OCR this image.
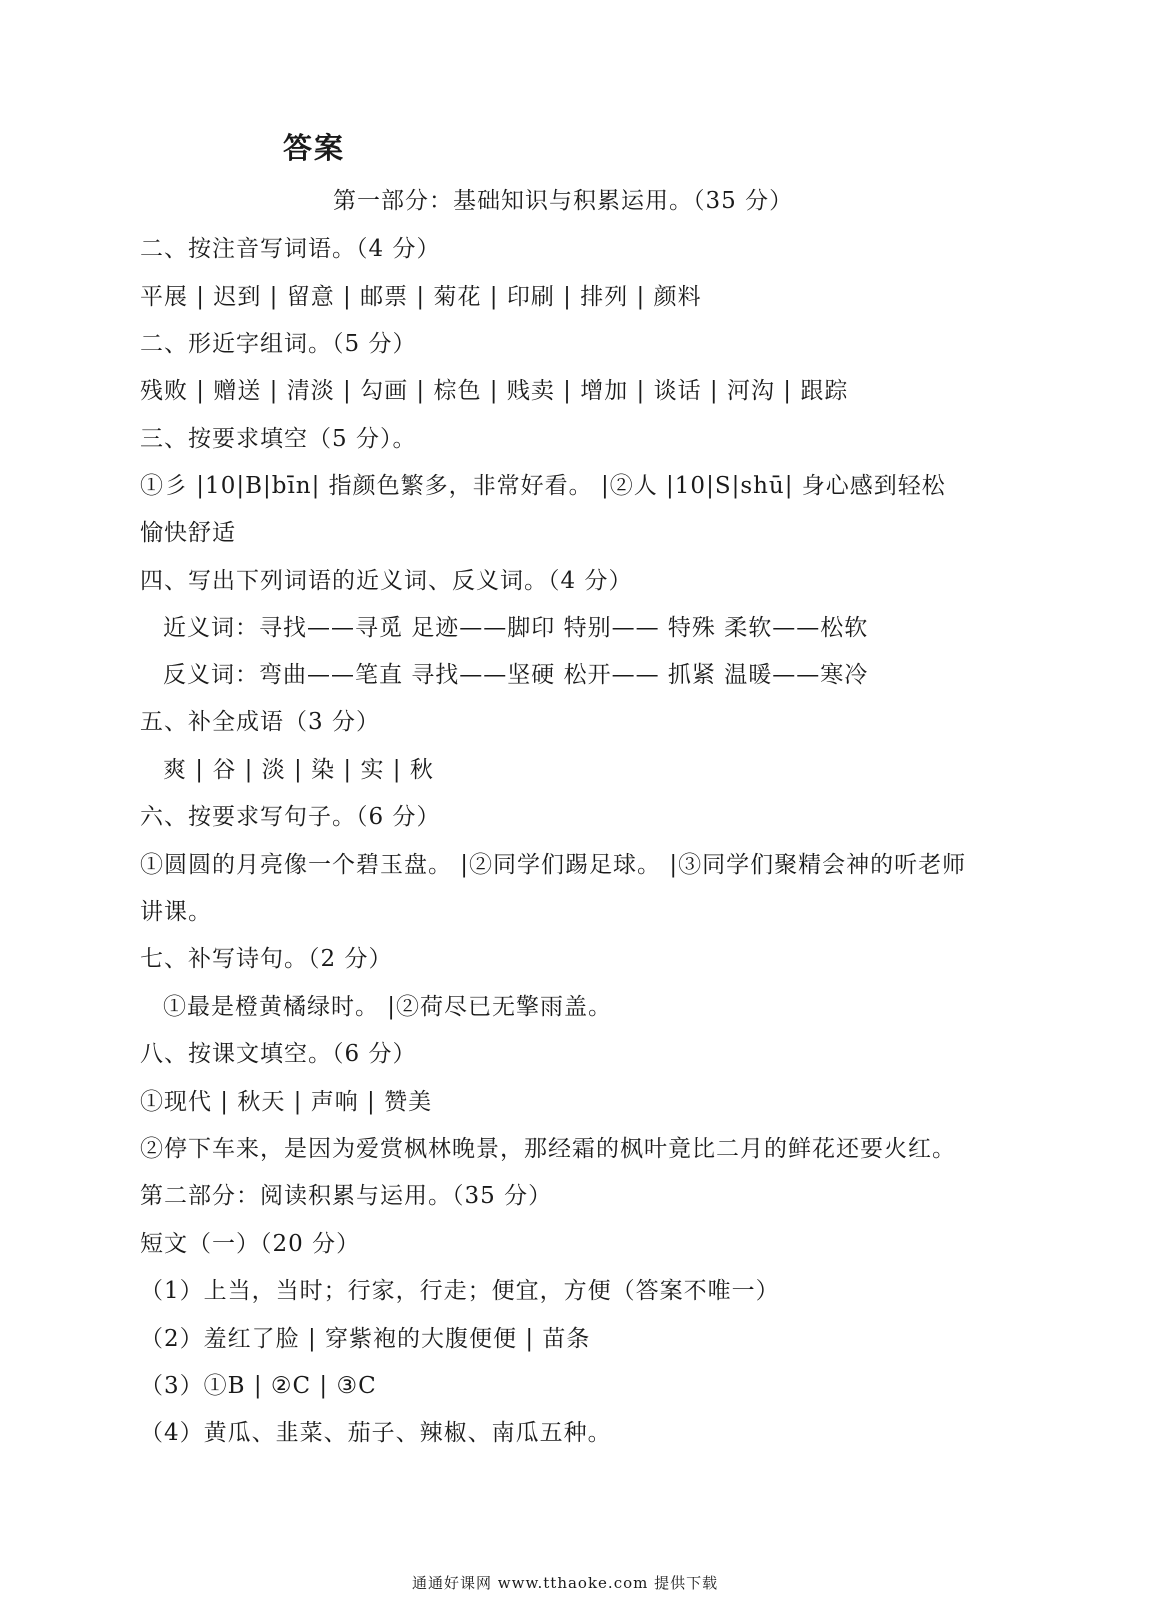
答案
第一部分：基础知识与积累运用。（35 分）
二、按注音写词语。（4 分）
平展 | 迟到 | 留意 | 邮票 | 菊花 | 印刷 | 排列 | 颜料
二、形近字组词。（5 分）
残败 | 赠送 | 清淡 | 勾画 | 棕色 | 贱卖 | 增加 | 谈话 | 河沟 | 跟踪
三、按要求填空（5 分）。
①彡 |10|B|bīn| 指颜色繁多，非常好看。 |②人 |10|S|shū| 身心感到轻松
愉快舒适
四、写出下列词语的近义词、反义词。（4 分）
近义词：寻找——寻觅 足迹——脚印 特别—— 特殊 柔软——松软
反义词：弯曲——笔直 寻找——坚硬 松开—— 抓紧 温暖——寒冷
五、补全成语（3 分）
爽 | 谷 | 淡 | 染 | 实 | 秋
六、按要求写句子。（6 分）
①圆圆的月亮像一个碧玉盘。 |②同学们踢足球。 |③同学们聚精会神的听老师
讲课。
七、补写诗句。（2 分）
①最是橙黄橘绿时。 |②荷尽已无擎雨盖。
八、按课文填空。（6 分）
①现代 | 秋天 | 声响 | 赞美
②停下车来，是因为爱赏枫林晚景，那经霜的枫叶竟比二月的鲜花还要火红。
第二部分：阅读积累与运用。（35 分）
短文（一）（20 分）
（1）上当，当时；行家，行走；便宜，方便（答案不唯一）
（2）羞红了脸 | 穿紫袍的大腹便便 | 苗条
（3）①B | ②C | ③C
（4）黄瓜、韭菜、茄子、辣椒、南瓜五种。
通通好课网 www.tthaoke.com 提供下载
